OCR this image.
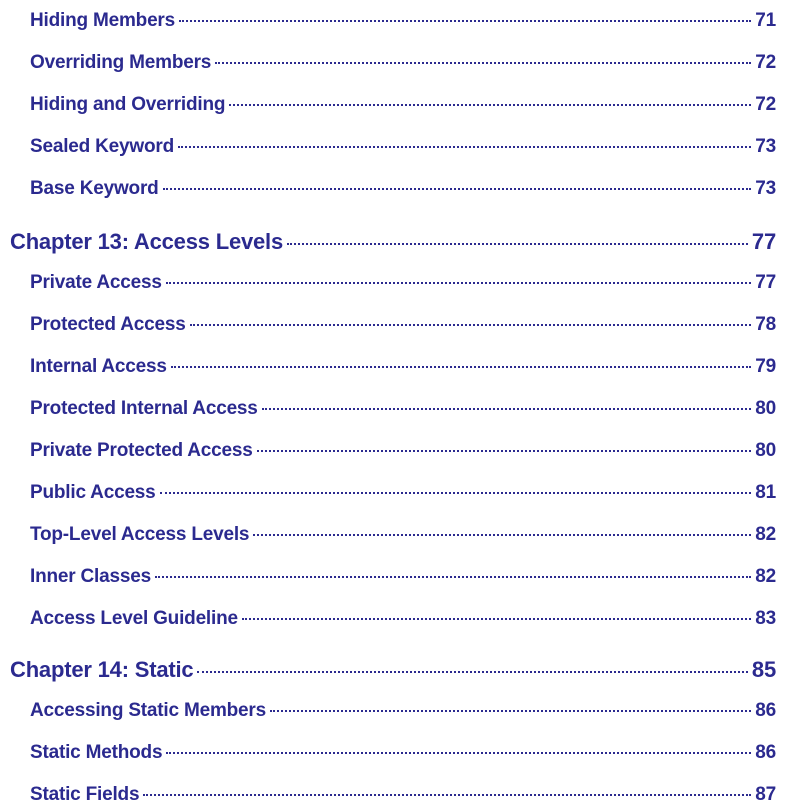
Hiding Members	71
Overriding Members	72
Hiding and Overriding	72
Sealed Keyword	73
Base Keyword	73
Chapter 13: Access Levels	77
Private Access	77
Protected Access	78
Internal Access	79
Protected Internal Access	80
Private Protected Access	80
Public Access	81
Top-Level Access Levels	82
Inner Classes	82
Access Level Guideline	83
Chapter 14: Static	85
Accessing Static Members	86
Static Methods	86
Static Fields	87
